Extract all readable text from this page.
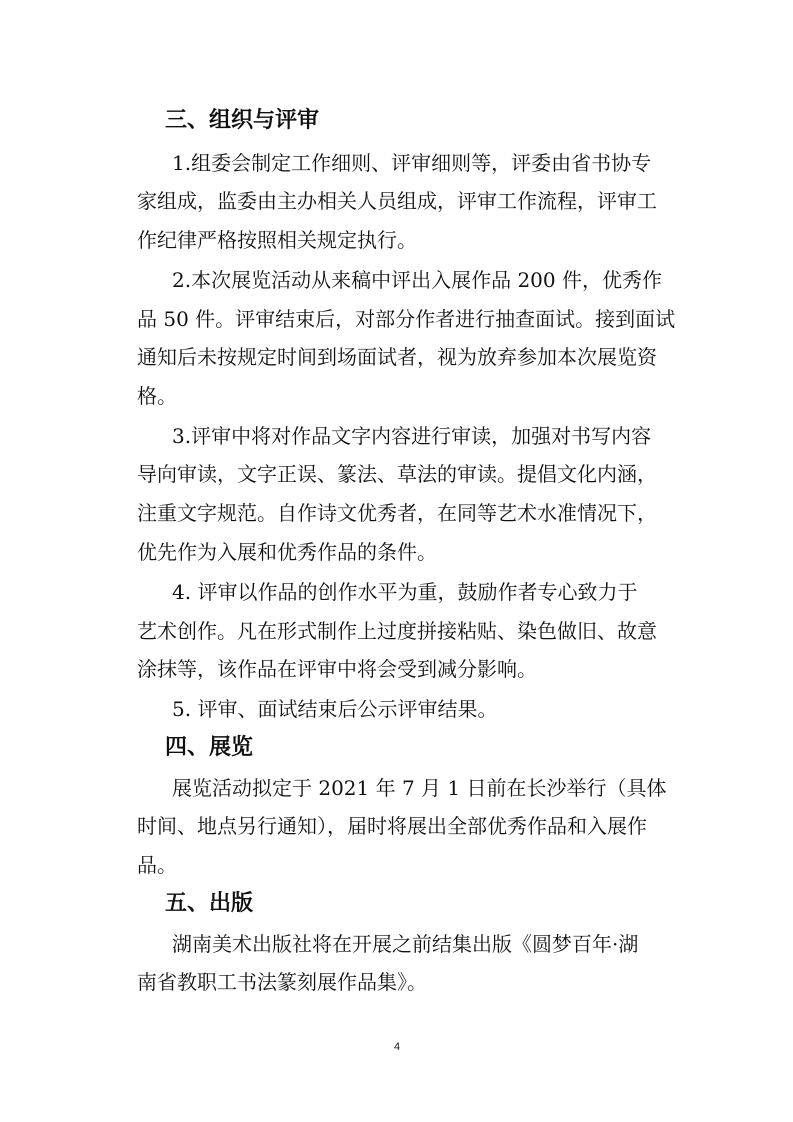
三、组织与评审
1.组委会制定工作细则、评审细则等，评委由省书协专
家组成，监委由主办相关人员组成，评审工作流程，评审工
作纪律严格按照相关规定执行。
2.本次展览活动从来稿中评出入展作品 200 件，优秀作
品 50 件。评审结束后，对部分作者进行抽查面试。接到面试
通知后未按规定时间到场面试者，视为放弃参加本次展览资
格。
3.评审中将对作品文字内容进行审读，加强对书写内容
导向审读，文字正误、篆法、草法的审读。提倡文化内涵，
注重文字规范。自作诗文优秀者，在同等艺术水准情况下，
优先作为入展和优秀作品的条件。
4. 评审以作品的创作水平为重，鼓励作者专心致力于
艺术创作。凡在形式制作上过度拼接粘贴、染色做旧、故意
涂抹等，该作品在评审中将会受到减分影响。
5. 评审、面试结束后公示评审结果。
四、展览
展览活动拟定于 2021 年 7 月 1 日前在长沙举行（具体
时间、地点另行通知），届时将展出全部优秀作品和入展作
品。
五、出版
湖南美术出版社将在开展之前结集出版《圆梦百年·湖
南省教职工书法篆刻展作品集》。
4
